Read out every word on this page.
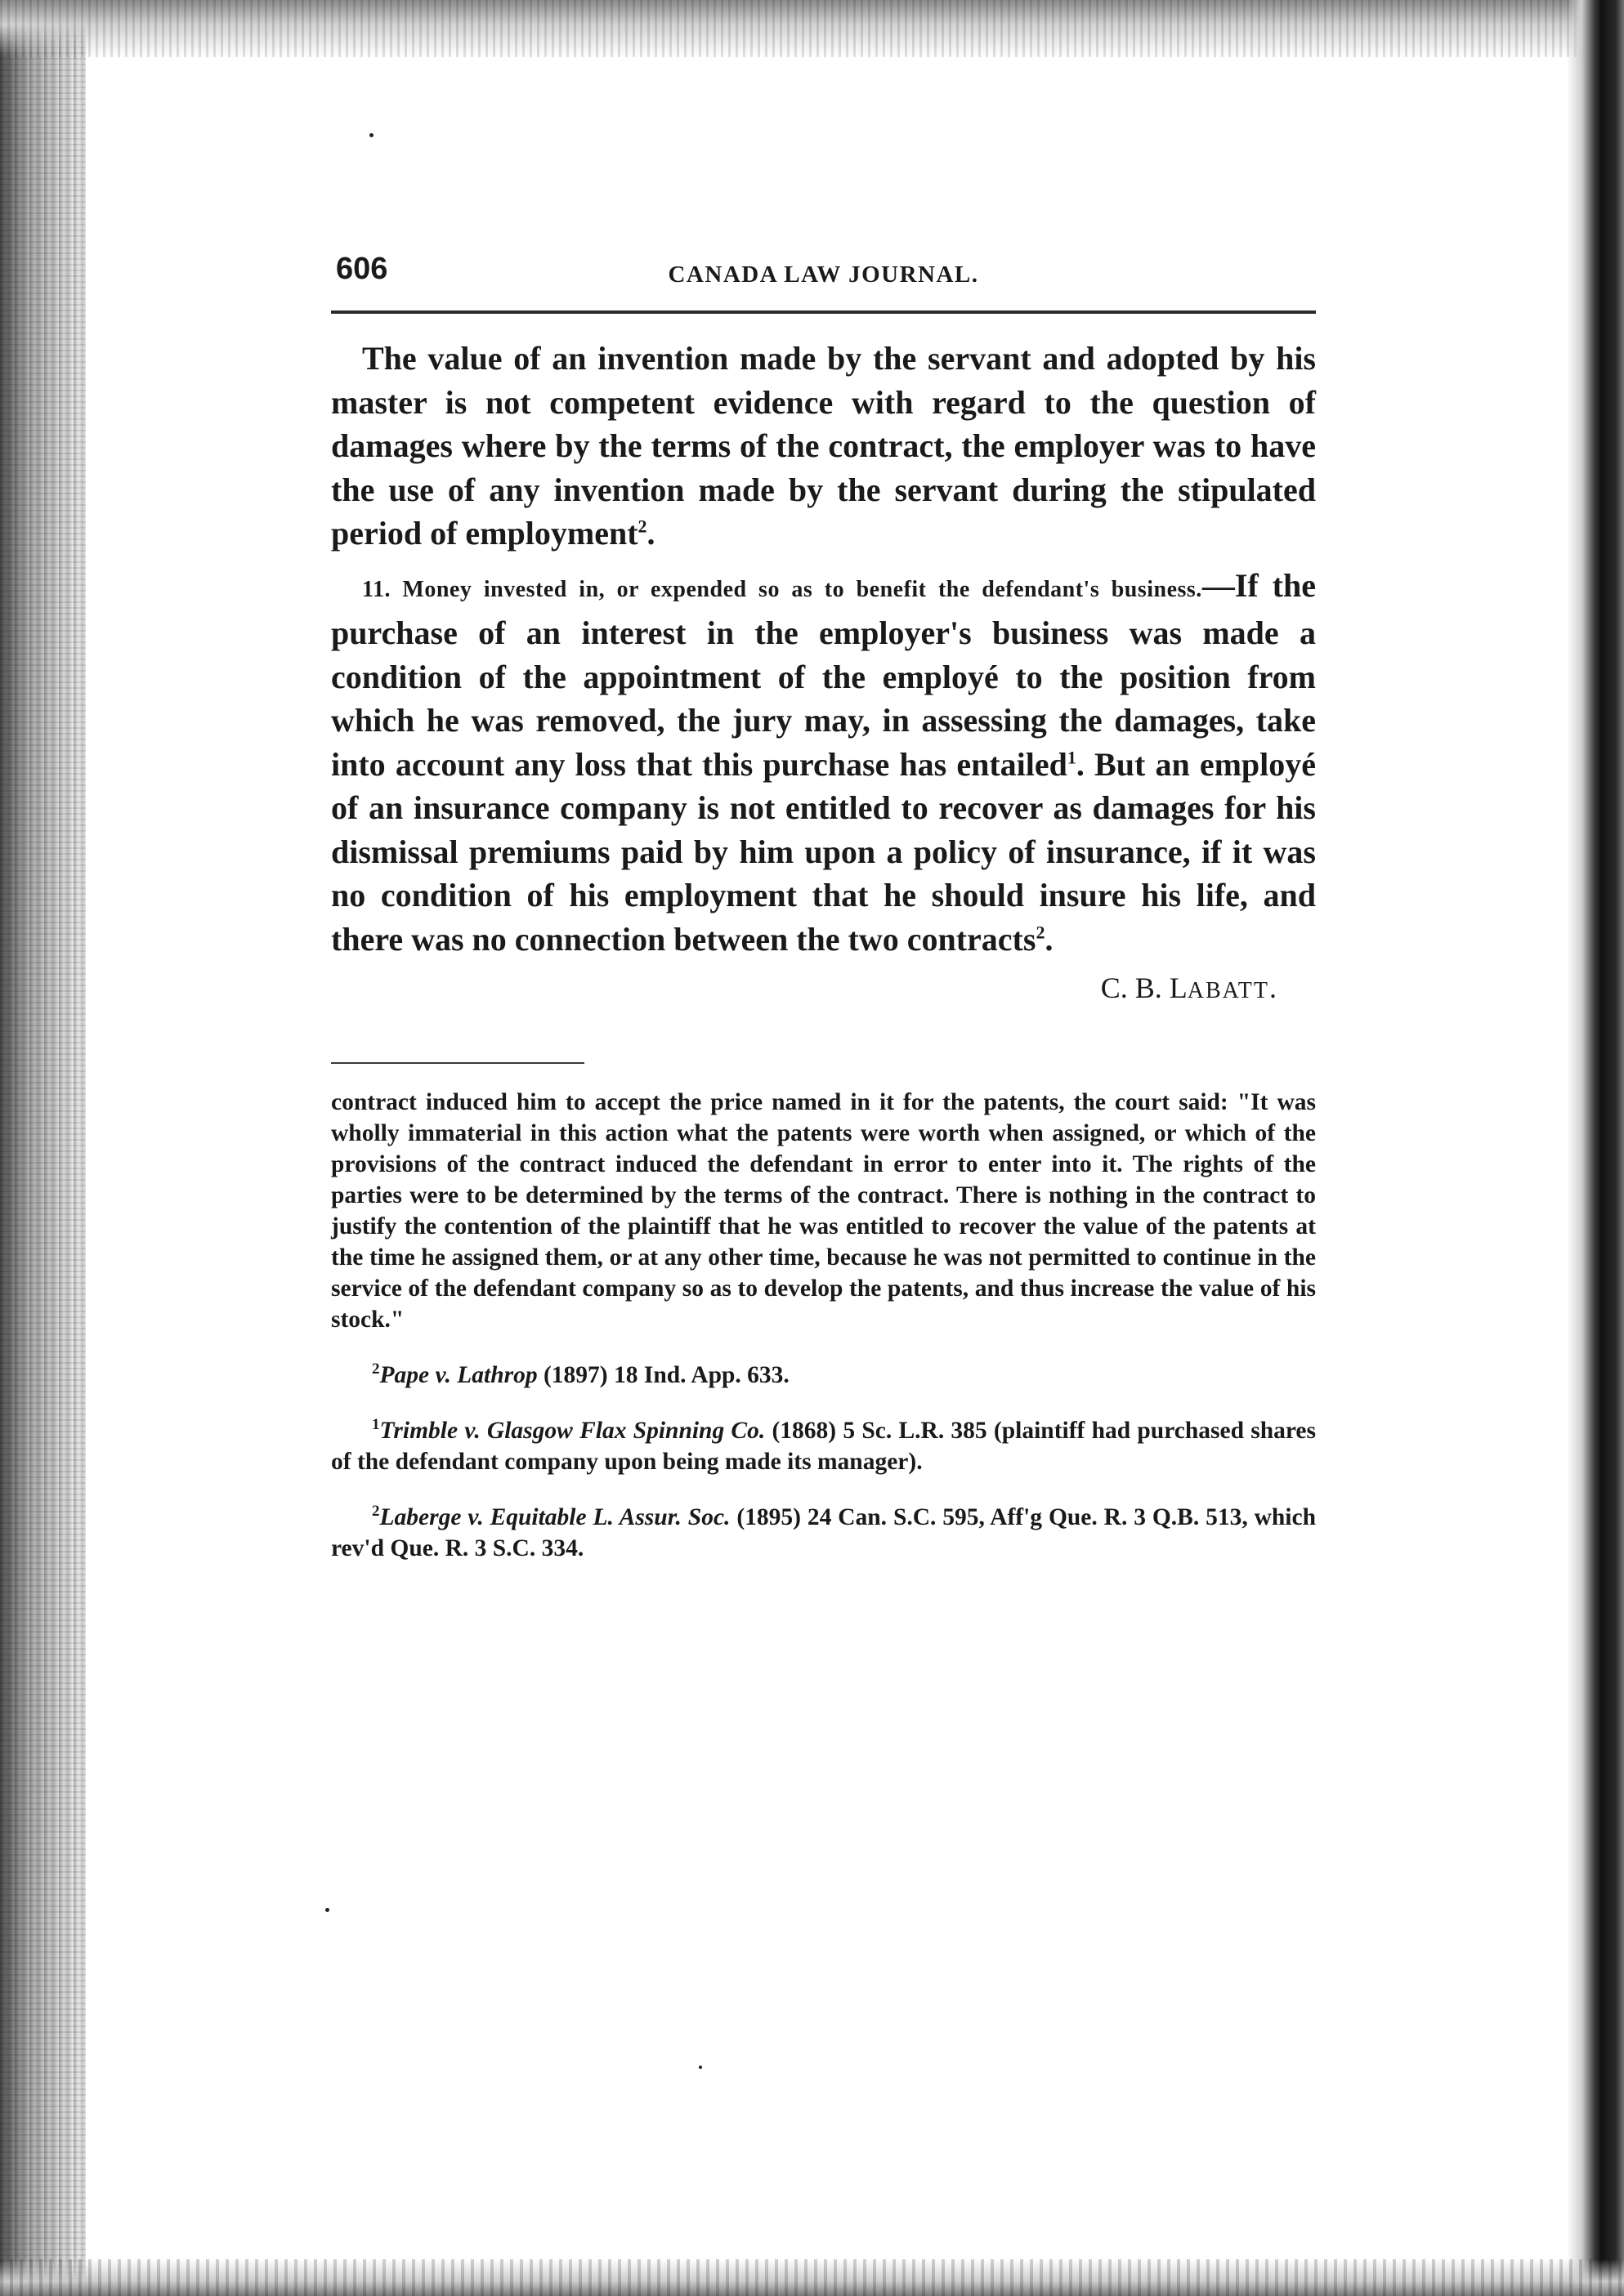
606	CANADA LAW JOURNAL.

The value of an invention made by the servant and adopted by his master is not competent evidence with regard to the question of damages where by the terms of the contract, the employer was to have the use of any invention made by the servant during the stipulated period of employment$^2$.

11. Money invested in, or expended so as to benefit the defendant's business.—If the purchase of an interest in the employer's business was made a condition of the appointment of the employé to the position from which he was removed, the jury may, in assessing the damages, take into account any loss that this purchase has entailed$^1$. But an employé of an insurance company is not entitled to recover as damages for his dismissal premiums paid by him upon a policy of insurance, if it was no condition of his employment that he should insure his life, and there was no connection between the two contracts$^2$.

C. B. LABATT.

contract induced him to accept the price named in it for the patents, the court said: "It was wholly immaterial in this action what the patents were worth when assigned, or which of the provisions of the contract induced the defendant in error to enter into it. The rights of the parties were to be determined by the terms of the contract. There is nothing in the contract to justify the contention of the plaintiff that he was entitled to recover the value of the patents at the time he assigned them, or at any other time, because he was not permitted to continue in the service of the defendant company so as to develop the patents, and thus increase the value of his stock."

$^2$Pape v. Lathrop (1897) 18 Ind. App. 633.

$^1$Trimble v. Glasgow Flax Spinning Co. (1868) 5 Sc. L.R. 385 (plaintiff had purchased shares of the defendant company upon being made its manager).

$^2$Laberge v. Equitable L. Assur. Soc. (1895) 24 Can. S.C. 595, Aff'g Que. R. 3 Q.B. 513, which rev'd Que. R. 3 S.C. 334.
